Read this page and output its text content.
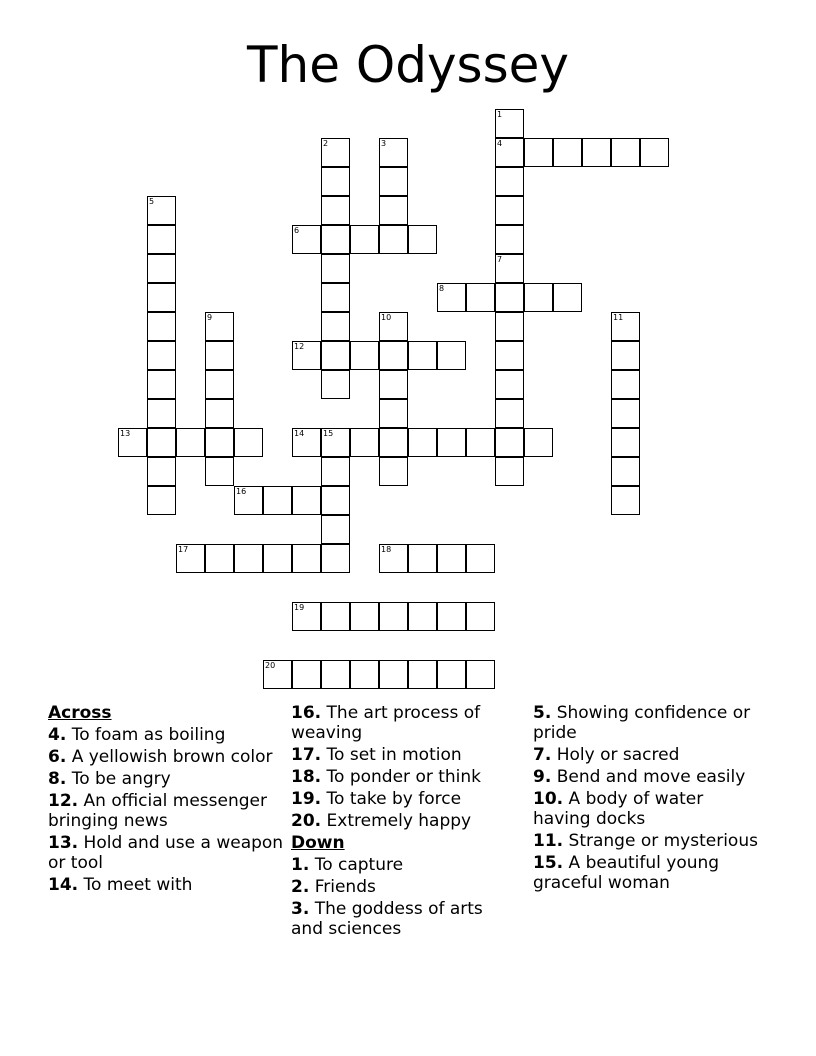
The Odyssey
1
4
7
2	3
5
6
8
9	10	11
12
13	14 15
16
17	18
19
20
Across
4. To foam as boiling
6. A yellowish brown color
8. To be angry
12. An official messenger bringing news
13. Hold and use a weapon or tool
14. To meet with
16. The art process of weaving
17. To set in motion
18. To ponder or think
19. To take by force
20. Extremely happy
Down
1. To capture
2. Friends
3. The goddess of arts and sciences
5. Showing confidence or pride
7. Holy or sacred
9. Bend and move easily
10. A body of water having docks
11. Strange or mysterious
15. A beautiful young graceful woman
